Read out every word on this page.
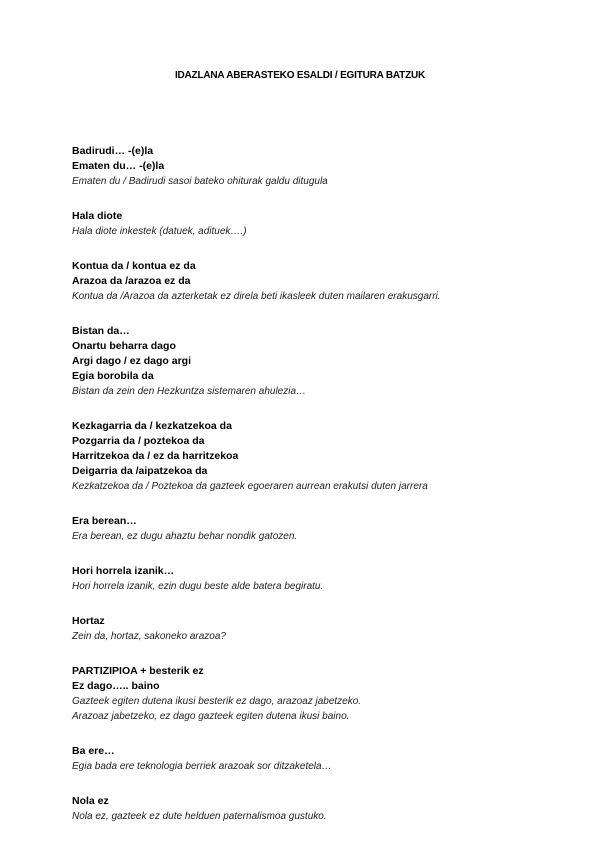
IDAZLANA ABERASTEKO ESALDI / EGITURA BATZUK
Badirudi… -(e)la
Ematen du… -(e)la
Ematen du / Badirudi sasoi bateko ohiturak galdu ditugula
Hala diote
Hala diote inkestek (datuek, adituek….)
Kontua da / kontua ez da
Arazoa da /arazoa ez da
Kontua da /Arazoa da azterketak ez direla beti ikasleek duten mailaren erakusgarri.
Bistan da…
Onartu beharra dago
Argi dago / ez dago argi
Egia borobila da
Bistan da zein den Hezkuntza sistemaren ahulezia…
Kezkagarria da / kezkatzekoa da
Pozgarria da / poztekoa da
Harritzekoa da / ez da harritzekoa
Deigarria da /aipatzekoa da
Kezkatzekoa da / Poztekoa da gazteek egoeraren aurrean erakutsi duten jarrera
Era berean…
Era berean, ez dugu ahaztu behar nondik gatozen.
Hori horrela izanik…
Hori horrela izanik, ezin dugu beste alde batera begiratu.
Hortaz
Zein da, hortaz, sakoneko arazoa?
PARTIZIPIOA + besterik ez
Ez dago….. baino
Gazteek egiten dutena ikusi besterik ez dago, arazoaz jabetzeko.
Arazoaz jabetzeko, ez dago gazteek egiten dutena ikusi baino.
Ba ere…
Egia bada ere teknologia berriek arazoak sor ditzaketela…
Nola ez
Nola ez, gazteek ez dute helduen paternalismoa gustuko.
